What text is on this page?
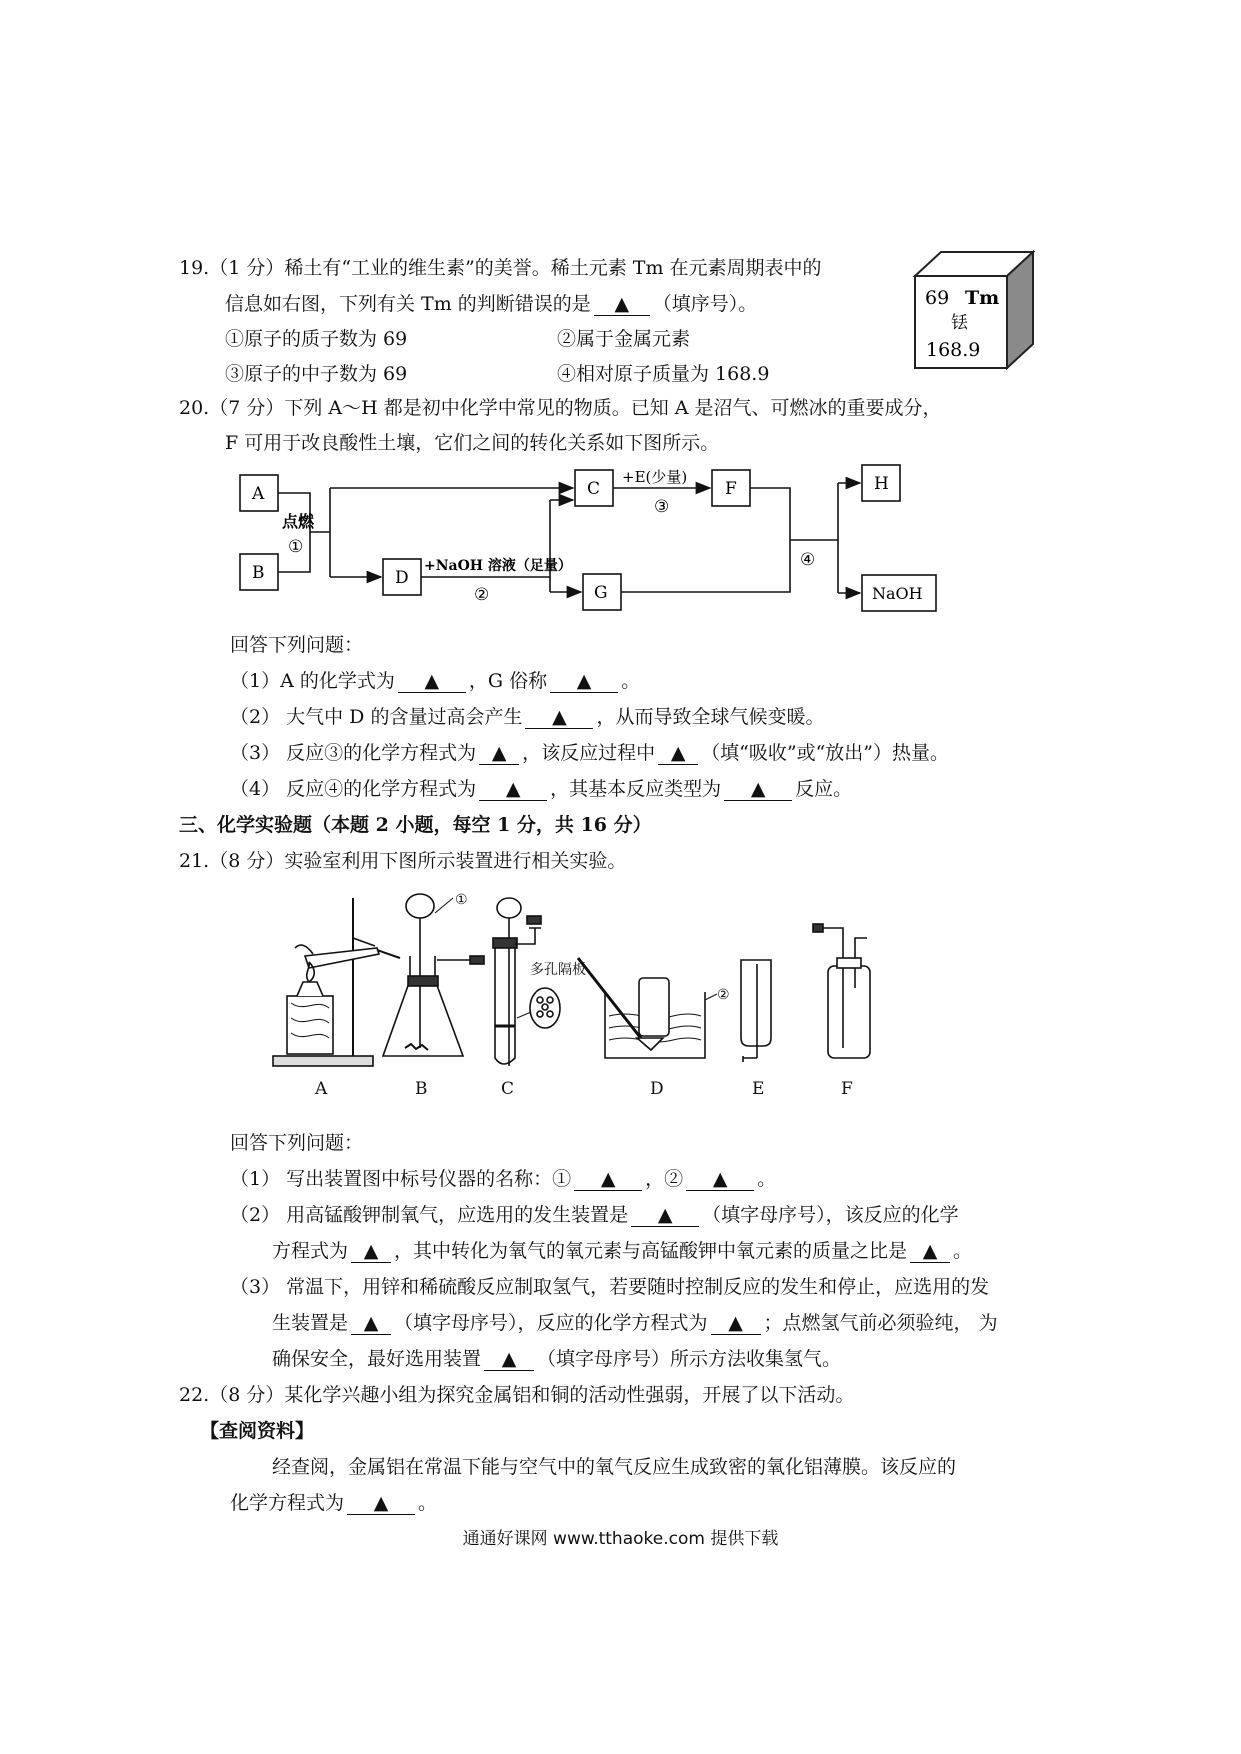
19.（1 分）稀土有“工业的维生素”的美誉。稀土元素 Tm 在元素周期表中的
信息如右图，下列有关 Tm 的判断错误的是 ▲ （填序号）。
①原子的质子数为 69	②属于金属元素
③原子的中子数为 69	④相对原子质量为 168.9
69 Tm
铥
168.9
20.（7 分）下列 A～H 都是初中化学中常见的物质。已知 A 是沼气、可燃冰的重要成分，
F 可用于改良酸性土壤，它们之间的转化关系如下图所示。
A
B
C
D
F
G
H
NaOH
点燃
①
+E(少量)
③
+NaOH 溶液（足量）
②
④
回答下列问题：
（1）A 的化学式为 ▲ ，G 俗称 ▲ 。
（2） 大气中 D 的含量过高会产生 ▲ ，从而导致全球气候变暖。
（3） 反应③的化学方程式为 ▲ ，该反应过程中 ▲ （填“吸收”或“放出”）热量。
（4） 反应④的化学方程式为 ▲ ，其基本反应类型为 ▲ 反应。
三、化学实验题（本题 2 小题，每空 1 分，共 16 分）
21.（8 分）实验室利用下图所示装置进行相关实验。
①
多孔隔板
②
A	B	C	D	E	F
回答下列问题：
（1） 写出装置图中标号仪器的名称：① ▲ ，② ▲ 。
（2） 用高锰酸钾制氧气，应选用的发生装置是 ▲ （填字母序号），该反应的化学
方程式为 ▲ ，其中转化为氧气的氧元素与高锰酸钾中氧元素的质量之比是 ▲ 。
（3） 常温下，用锌和稀硫酸反应制取氢气，若要随时控制反应的发生和停止，应选用的发
生装置是 ▲ （填字母序号），反应的化学方程式为 ▲ ；点燃氢气前必须验纯， 为
确保安全，最好选用装置 ▲ （填字母序号）所示方法收集氢气。
22.（8 分）某化学兴趣小组为探究金属铝和铜的活动性强弱，开展了以下活动。
【查阅资料】
经查阅，金属铝在常温下能与空气中的氧气反应生成致密的氧化铝薄膜。该反应的
化学方程式为 ▲ 。
通通好课网 www.tthaoke.com 提供下载
